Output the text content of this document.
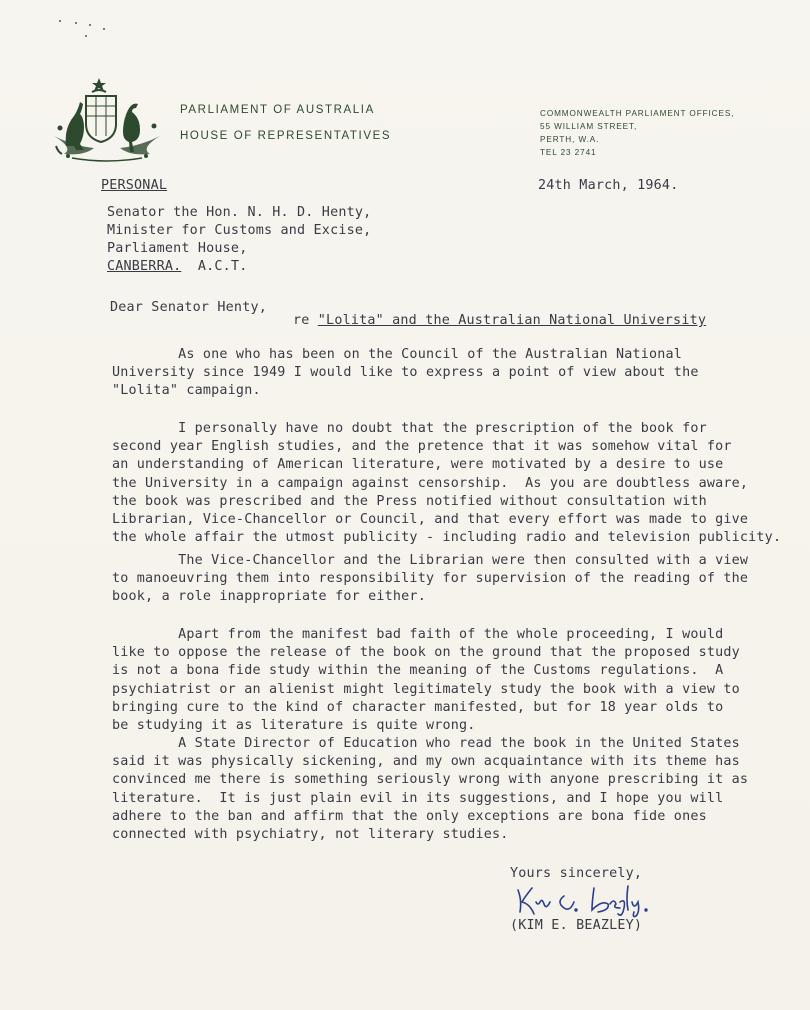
PARLIAMENT OF AUSTRALIA
HOUSE OF REPRESENTATIVES
COMMONWEALTH PARLIAMENT OFFICES,
55 WILLIAM STREET,
PERTH, W.A.
TEL 23 2741
PERSONAL	24th March, 1964.
Senator the Hon. N. H. D. Henty,
Minister for Customs and Excise,
Parliament House,
CANBERRA. A.C.T.
Dear Senator Henty,
re "Lolita" and the Australian National University
As one who has been on the Council of the Australian National
University since 1949 I would like to express a point of view about the
"Lolita" campaign.
I personally have no doubt that the prescription of the book for
second year English studies, and the pretence that it was somehow vital for
an understanding of American literature, were motivated by a desire to use
the University in a campaign against censorship.  As you are doubtless aware,
the book was prescribed and the Press notified without consultation with
Librarian, Vice-Chancellor or Council, and that every effort was made to give
the whole affair the utmost publicity - including radio and television publicity.
The Vice-Chancellor and the Librarian were then consulted with a view
to manoeuvring them into responsibility for supervision of the reading of the
book, a role inappropriate for either.
Apart from the manifest bad faith of the whole proceeding, I would
like to oppose the release of the book on the ground that the proposed study
is not a bona fide study within the meaning of the Customs regulations.  A
psychiatrist or an alienist might legitimately study the book with a view to
bringing cure to the kind of character manifested, but for 18 year olds to
be studying it as literature is quite wrong.
A State Director of Education who read the book in the United States
said it was physically sickening, and my own acquaintance with its theme has
convinced me there is something seriously wrong with anyone prescribing it as
literature.  It is just plain evil in its suggestions, and I hope you will
adhere to the ban and affirm that the only exceptions are bona fide ones
connected with psychiatry, not literary studies.
Yours sincerely,
(KIM E. BEAZLEY)
